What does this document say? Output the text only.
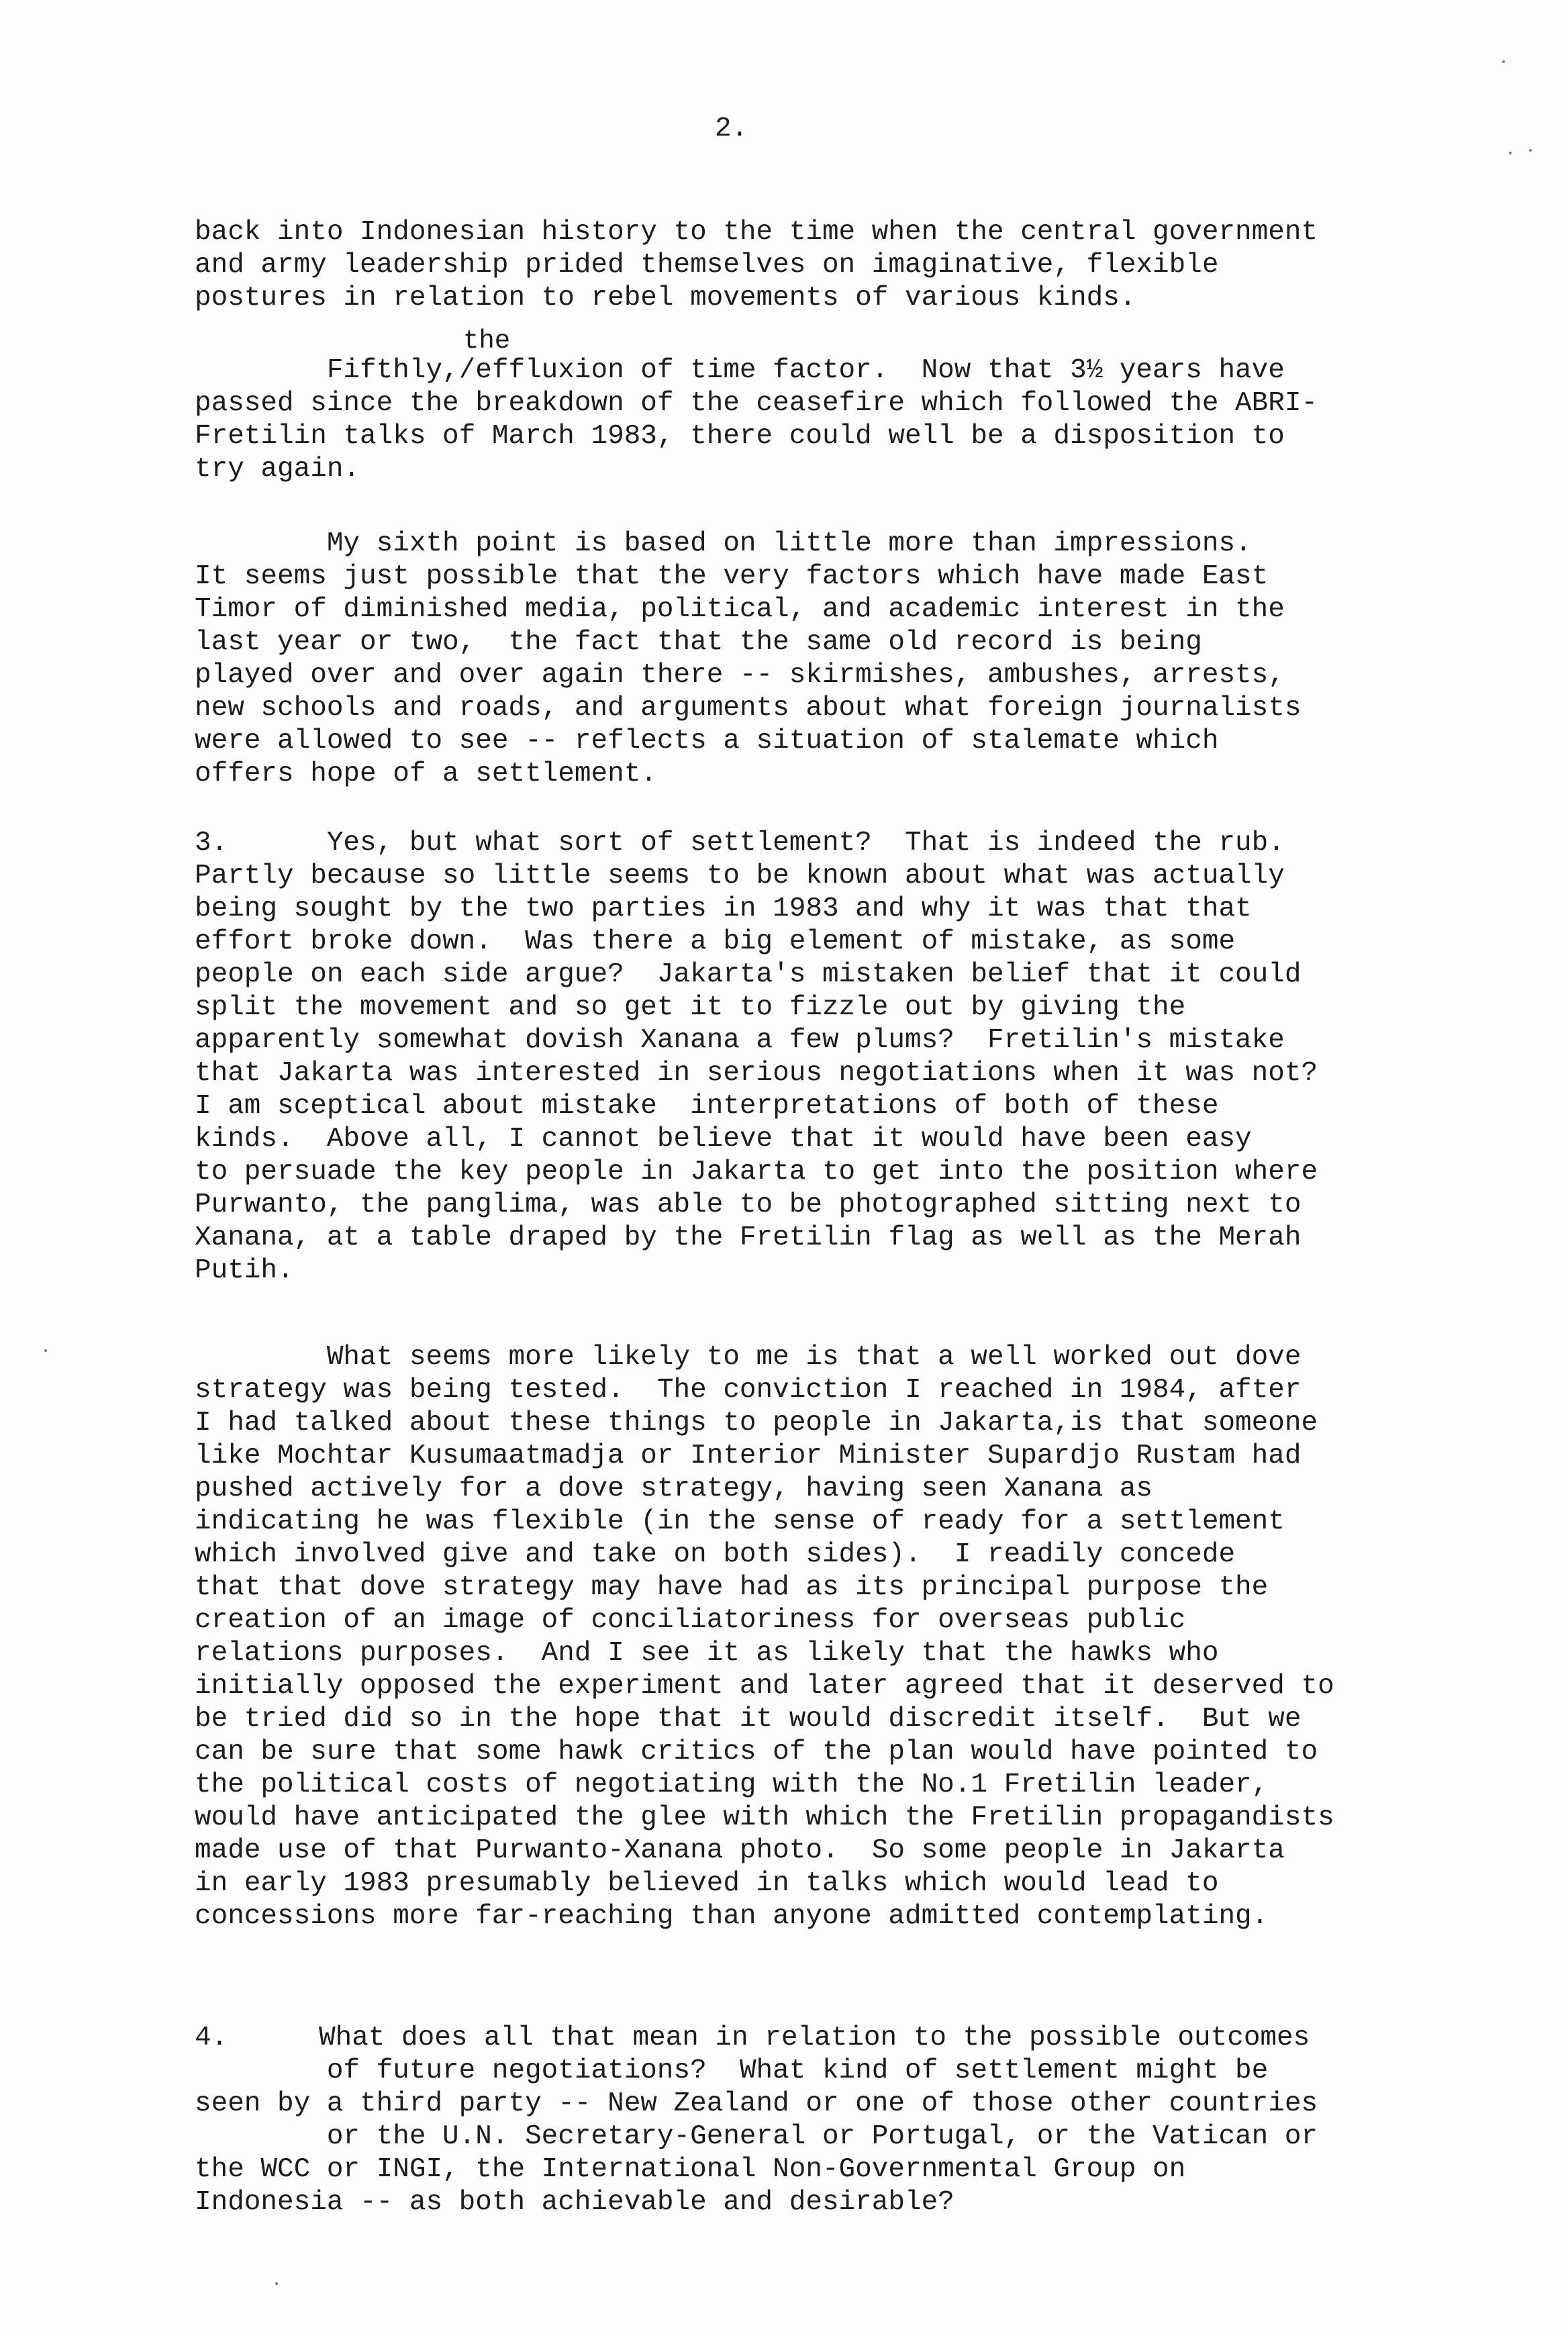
2.
back into Indonesian history to the time when the central government
and army leadership prided themselves on imaginative, flexible
postures in relation to rebel movements of various kinds.
the
Fifthly,/effluxion of time factor.  Now that 3½ years have
passed since the breakdown of the ceasefire which followed the ABRI-
Fretilin talks of March 1983, there could well be a disposition to
try again.
My sixth point is based on little more than impressions.
It seems just possible that the very factors which have made East
Timor of diminished media, political, and academic interest in the
last year or two,  the fact that the same old record is being
played over and over again there -- skirmishes, ambushes, arrests,
new schools and roads, and arguments about what foreign journalists
were allowed to see -- reflects a situation of stalemate which
offers hope of a settlement.
3.      Yes, but what sort of settlement?  That is indeed the rub.
Partly because so little seems to be known about what was actually
being sought by the two parties in 1983 and why it was that that
effort broke down.  Was there a big element of mistake, as some
people on each side argue?  Jakarta's mistaken belief that it could
split the movement and so get it to fizzle out by giving the
apparently somewhat dovish Xanana a few plums?  Fretilin's mistake
that Jakarta was interested in serious negotiations when it was not?
I am sceptical about mistake  interpretations of both of these
kinds.  Above all, I cannot believe that it would have been easy
to persuade the key people in Jakarta to get into the position where
Purwanto, the panglima, was able to be photographed sitting next to
Xanana, at a table draped by the Fretilin flag as well as the Merah
Putih.
What seems more likely to me is that a well worked out dove
strategy was being tested.  The conviction I reached in 1984, after
I had talked about these things to people in Jakarta,is that someone
like Mochtar Kusumaatmadja or Interior Minister Supardjo Rustam had
pushed actively for a dove strategy, having seen Xanana as
indicating he was flexible (in the sense of ready for a settlement
which involved give and take on both sides).  I readily concede
that that dove strategy may have had as its principal purpose the
creation of an image of conciliatoriness for overseas public
relations purposes.  And I see it as likely that the hawks who
initially opposed the experiment and later agreed that it deserved to
be tried did so in the hope that it would discredit itself.  But we
can be sure that some hawk critics of the plan would have pointed to
the political costs of negotiating with the No.1 Fretilin leader,
would have anticipated the glee with which the Fretilin propagandists
made use of that Purwanto-Xanana photo.  So some people in Jakarta
in early 1983 presumably believed in talks which would lead to
concessions more far-reaching than anyone admitted contemplating.
4.	What does all that mean in relation to the possible outcomes
of future negotiations?  What kind of settlement might be
seen by a third party -- New Zealand or one of those other countries
or the U.N. Secretary-General or Portugal, or the Vatican or
the WCC or INGI, the International Non-Governmental Group on
Indonesia -- as both achievable and desirable?
